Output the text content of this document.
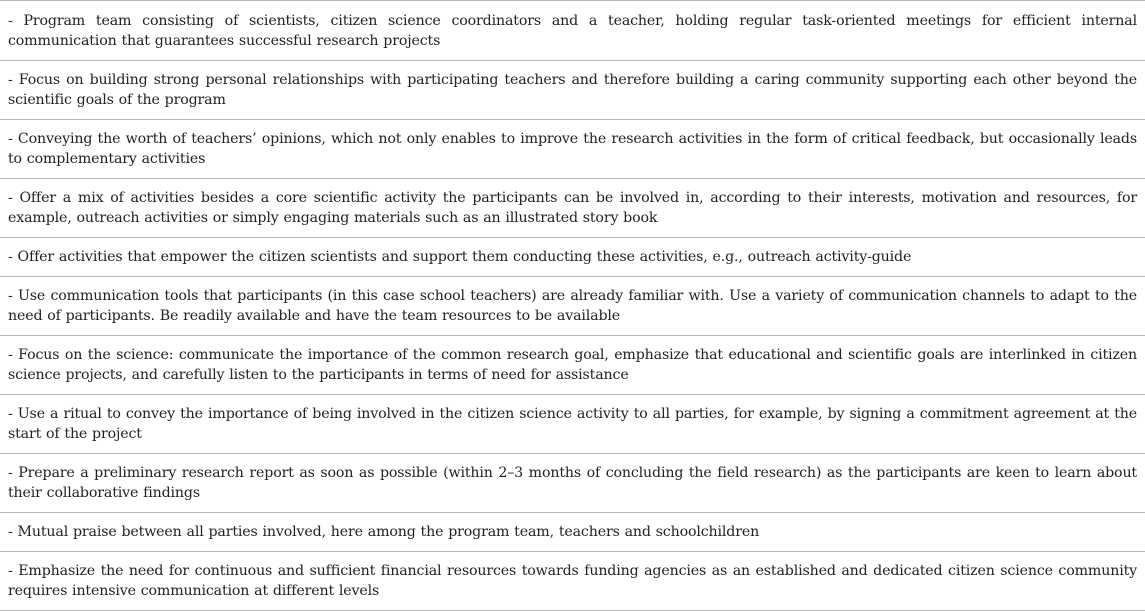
- Program team consisting of scientists, citizen science coordinators and a teacher, holding regular task-oriented meetings for efficient internal communication that guarantees successful research projects
- Focus on building strong personal relationships with participating teachers and therefore building a caring community supporting each other beyond the scientific goals of the program
- Conveying the worth of teachers’ opinions, which not only enables to improve the research activities in the form of critical feedback, but occasionally leads to complementary activities
- Offer a mix of activities besides a core scientific activity the participants can be involved in, according to their interests, motivation and resources, for example, outreach activities or simply engaging materials such as an illustrated story book
- Offer activities that empower the citizen scientists and support them conducting these activities, e.g., outreach activity-guide
- Use communication tools that participants (in this case school teachers) are already familiar with. Use a variety of communication channels to adapt to the need of participants. Be readily available and have the team resources to be available
- Focus on the science: communicate the importance of the common research goal, emphasize that educational and scientific goals are interlinked in citizen science projects, and carefully listen to the participants in terms of need for assistance
- Use a ritual to convey the importance of being involved in the citizen science activity to all parties, for example, by signing a commitment agreement at the start of the project
- Prepare a preliminary research report as soon as possible (within 2–3 months of concluding the field research) as the participants are keen to learn about their collaborative findings
- Mutual praise between all parties involved, here among the program team, teachers and schoolchildren
- Emphasize the need for continuous and sufficient financial resources towards funding agencies as an established and dedicated citizen science community requires intensive communication at different levels
